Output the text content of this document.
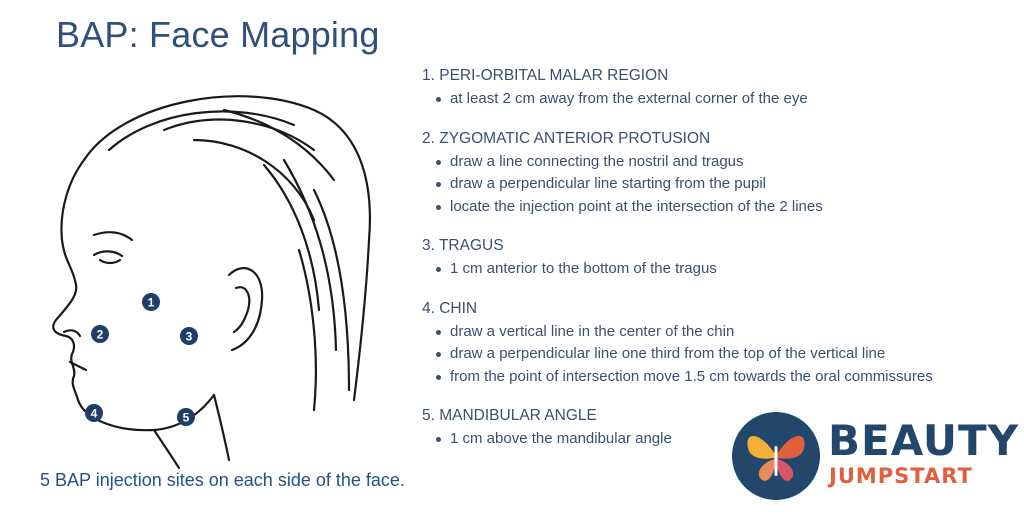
BAP: Face Mapping
1
2	3
4	5
5 BAP injection sites on each side of the face.
1. PERI-ORBITAL MALAR REGION
at least 2 cm away from the external corner of the eye
2. ZYGOMATIC ANTERIOR PROTUSION
draw a line connecting the nostril and tragus
draw a perpendicular line starting from the pupil
locate the injection point at the intersection of the 2 lines
3. TRAGUS
1 cm anterior to the bottom of the tragus
4. CHIN
draw a vertical line in the center of the chin
draw a perpendicular line one third from the top of the vertical line
from the point of intersection move 1.5 cm towards the oral commissures
5. MANDIBULAR ANGLE
1 cm above the mandibular angle	BEAUTY
JUMPSTART
